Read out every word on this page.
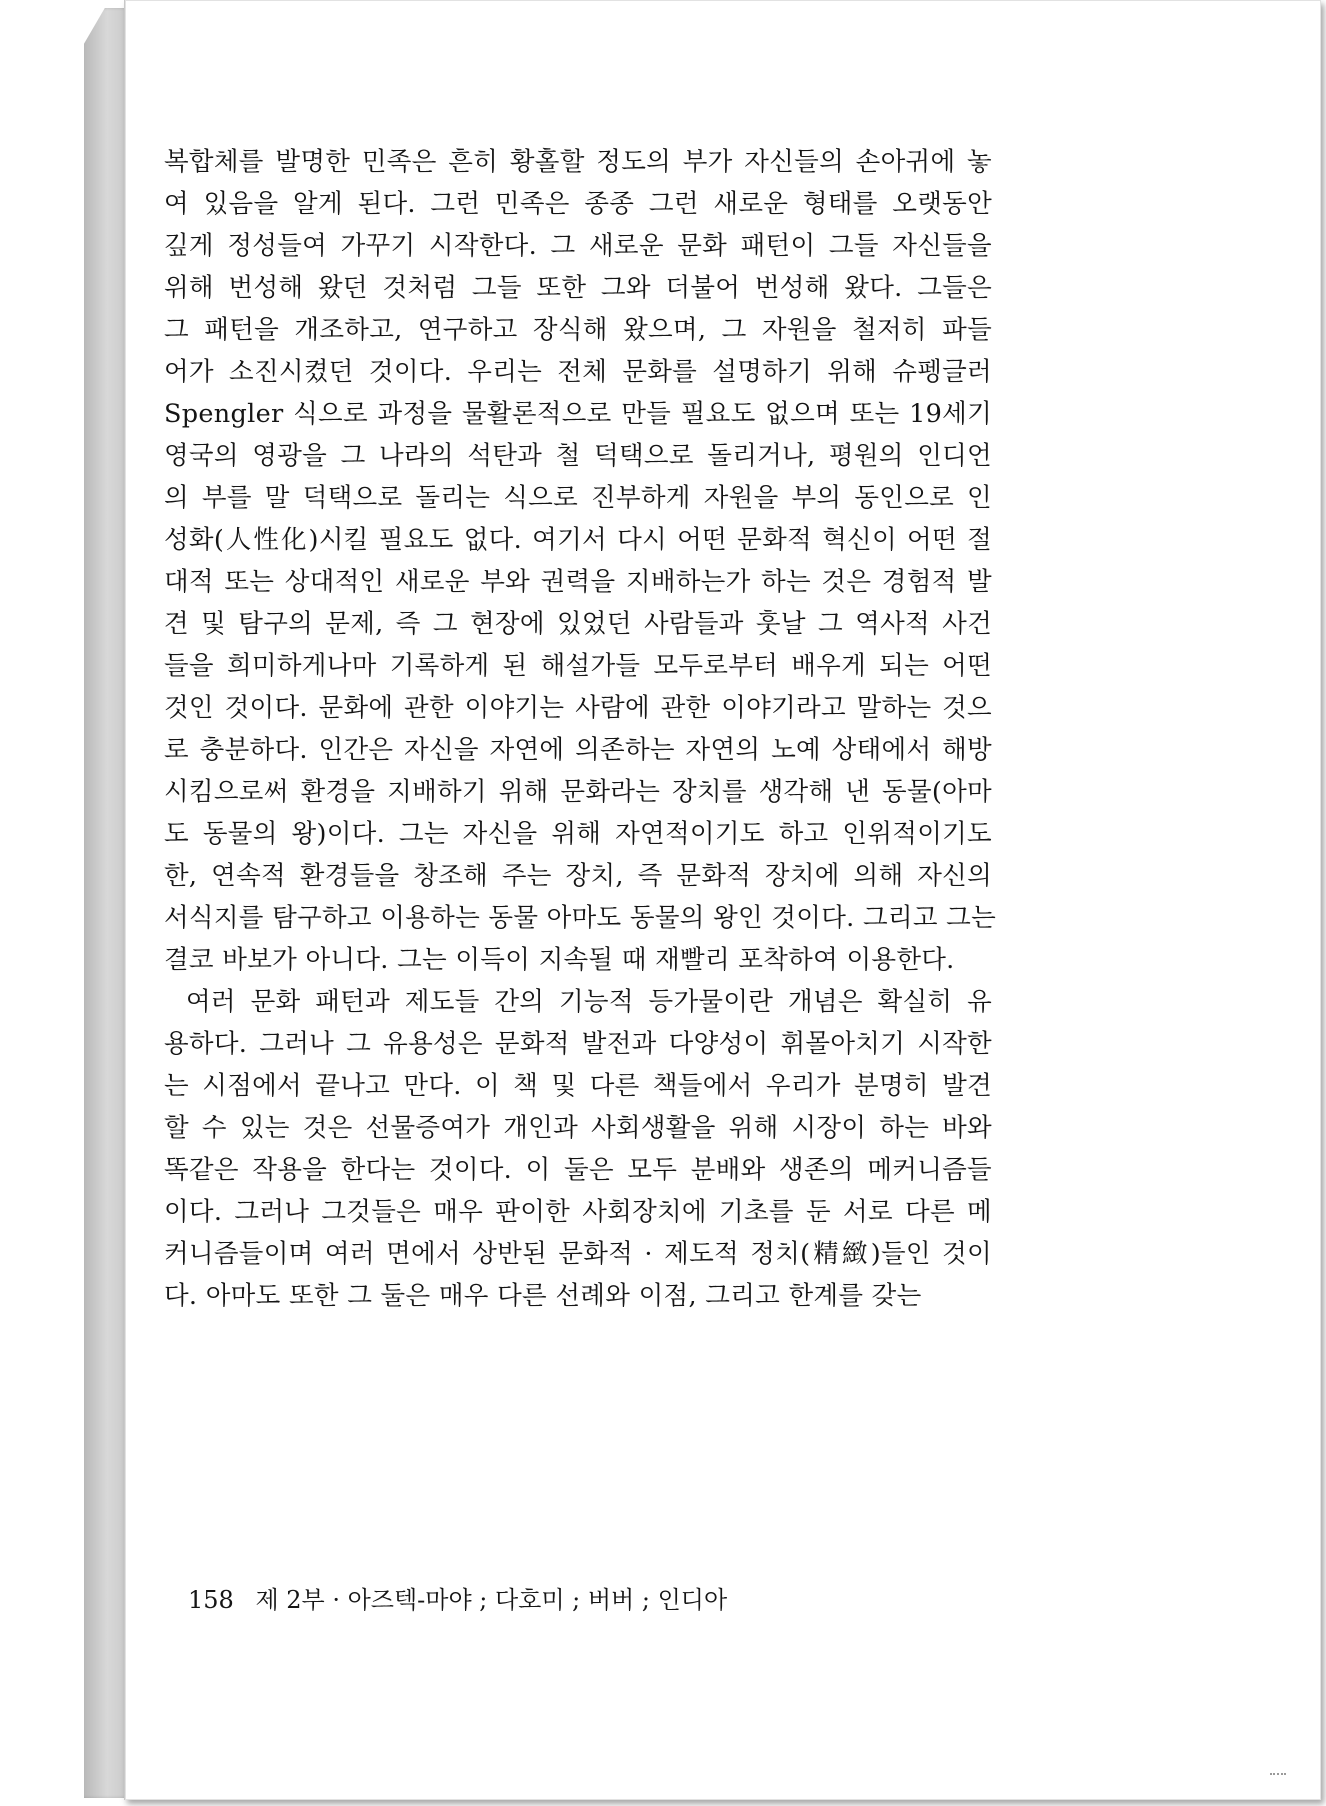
복합체를 발명한 민족은 흔히 황홀할 정도의 부가 자신들의 손아귀에 놓
여 있음을 알게 된다. 그런 민족은 종종 그런 새로운 형태를 오랫동안
깊게 정성들여 가꾸기 시작한다. 그 새로운 문화 패턴이 그들 자신들을
위해 번성해 왔던 것처럼 그들 또한 그와 더불어 번성해 왔다. 그들은
그 패턴을 개조하고, 연구하고 장식해 왔으며, 그 자원을 철저히 파들
어가 소진시켰던 것이다. 우리는 전체 문화를 설명하기 위해 슈펭글러
Spengler 식으로 과정을 물활론적으로 만들 필요도 없으며 또는 19세기
영국의 영광을 그 나라의 석탄과 철 덕택으로 돌리거나, 평원의 인디언
의 부를 말 덕택으로 돌리는 식으로 진부하게 자원을 부의 동인으로 인
성화(人性化)시킬 필요도 없다. 여기서 다시 어떤 문화적 혁신이 어떤 절
대적 또는 상대적인 새로운 부와 권력을 지배하는가 하는 것은 경험적 발
견 및 탐구의 문제, 즉 그 현장에 있었던 사람들과 훗날 그 역사적 사건
들을 희미하게나마 기록하게 된 해설가들 모두로부터 배우게 되는 어떤
것인 것이다. 문화에 관한 이야기는 사람에 관한 이야기라고 말하는 것으
로 충분하다. 인간은 자신을 자연에 의존하는 자연의 노예 상태에서 해방
시킴으로써 환경을 지배하기 위해 문화라는 장치를 생각해 낸 동물(아마
도 동물의 왕)이다. 그는 자신을 위해 자연적이기도 하고 인위적이기도
한, 연속적 환경들을 창조해 주는 장치, 즉 문화적 장치에 의해 자신의
서식지를 탐구하고 이용하는 동물 아마도 동물의 왕인 것이다. 그리고 그는
결코 바보가 아니다. 그는 이득이 지속될 때 재빨리 포착하여 이용한다.
여러 문화 패턴과 제도들 간의 기능적 등가물이란 개념은 확실히 유
용하다. 그러나 그 유용성은 문화적 발전과 다양성이 휘몰아치기 시작한
는 시점에서 끝나고 만다. 이 책 및 다른 책들에서 우리가 분명히 발견
할 수 있는 것은 선물증여가 개인과 사회생활을 위해 시장이 하는 바와
똑같은 작용을 한다는 것이다. 이 둘은 모두 분배와 생존의 메커니즘들
이다. 그러나 그것들은 매우 판이한 사회장치에 기초를 둔 서로 다른 메
커니즘들이며 여러 면에서 상반된 문화적 · 제도적 정치(精緻)들인 것이
다. 아마도 또한 그 둘은 매우 다른 선례와 이점, 그리고 한계를 갖는
158 제 2부 · 아즈텍-마야 ; 다호미 ; 버버 ; 인디아
